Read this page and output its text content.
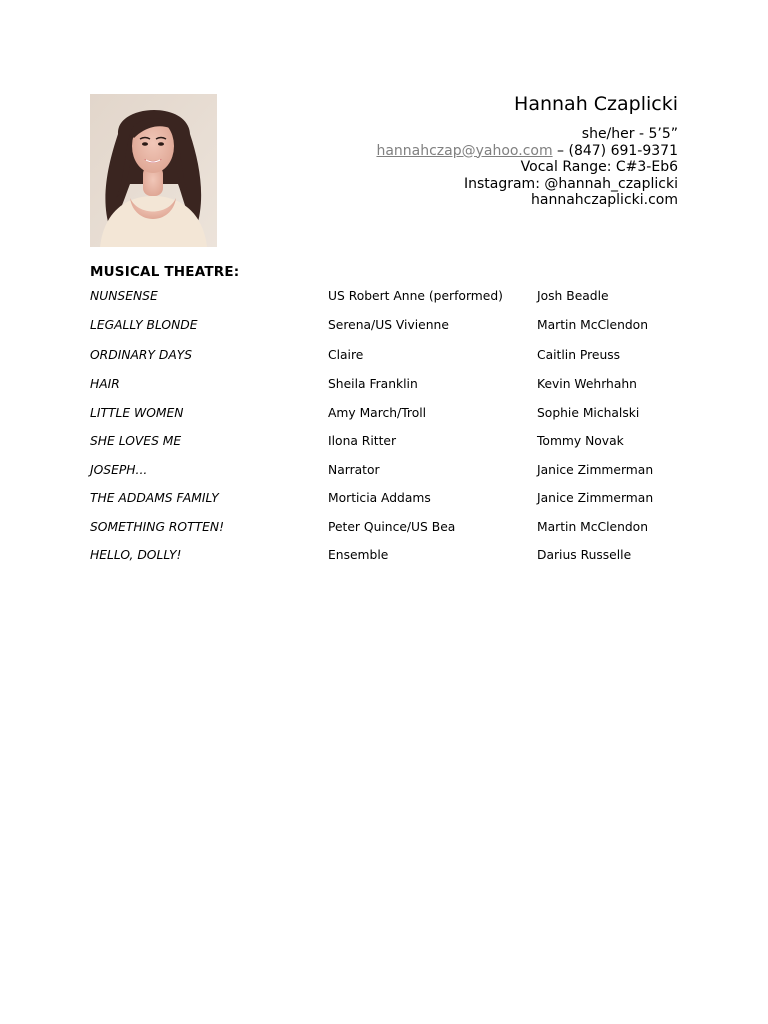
Hannah Czaplicki
she/her - 5’5”
hannahczap@yahoo.com – (847) 691-9371
Vocal Range: C#3-Eb6
Instagram: @hannah_czaplicki
hannahczaplicki.com
MUSICAL THEATRE:
NUNSENSE	US Robert Anne (performed)	Josh Beadle
LEGALLY BLONDE	Serena/US Vivienne	Martin McClendon
ORDINARY DAYS	Claire	Caitlin Preuss
HAIR	Sheila Franklin	Kevin Wehrhahn
LITTLE WOMEN	Amy March/Troll	Sophie Michalski
SHE LOVES ME	Ilona Ritter	Tommy Novak
JOSEPH...	Narrator	Janice Zimmerman
THE ADDAMS FAMILY	Morticia Addams	Janice Zimmerman
SOMETHING ROTTEN!	Peter Quince/US Bea	Martin McClendon
HELLO, DOLLY!	Ensemble	Darius Russelle
